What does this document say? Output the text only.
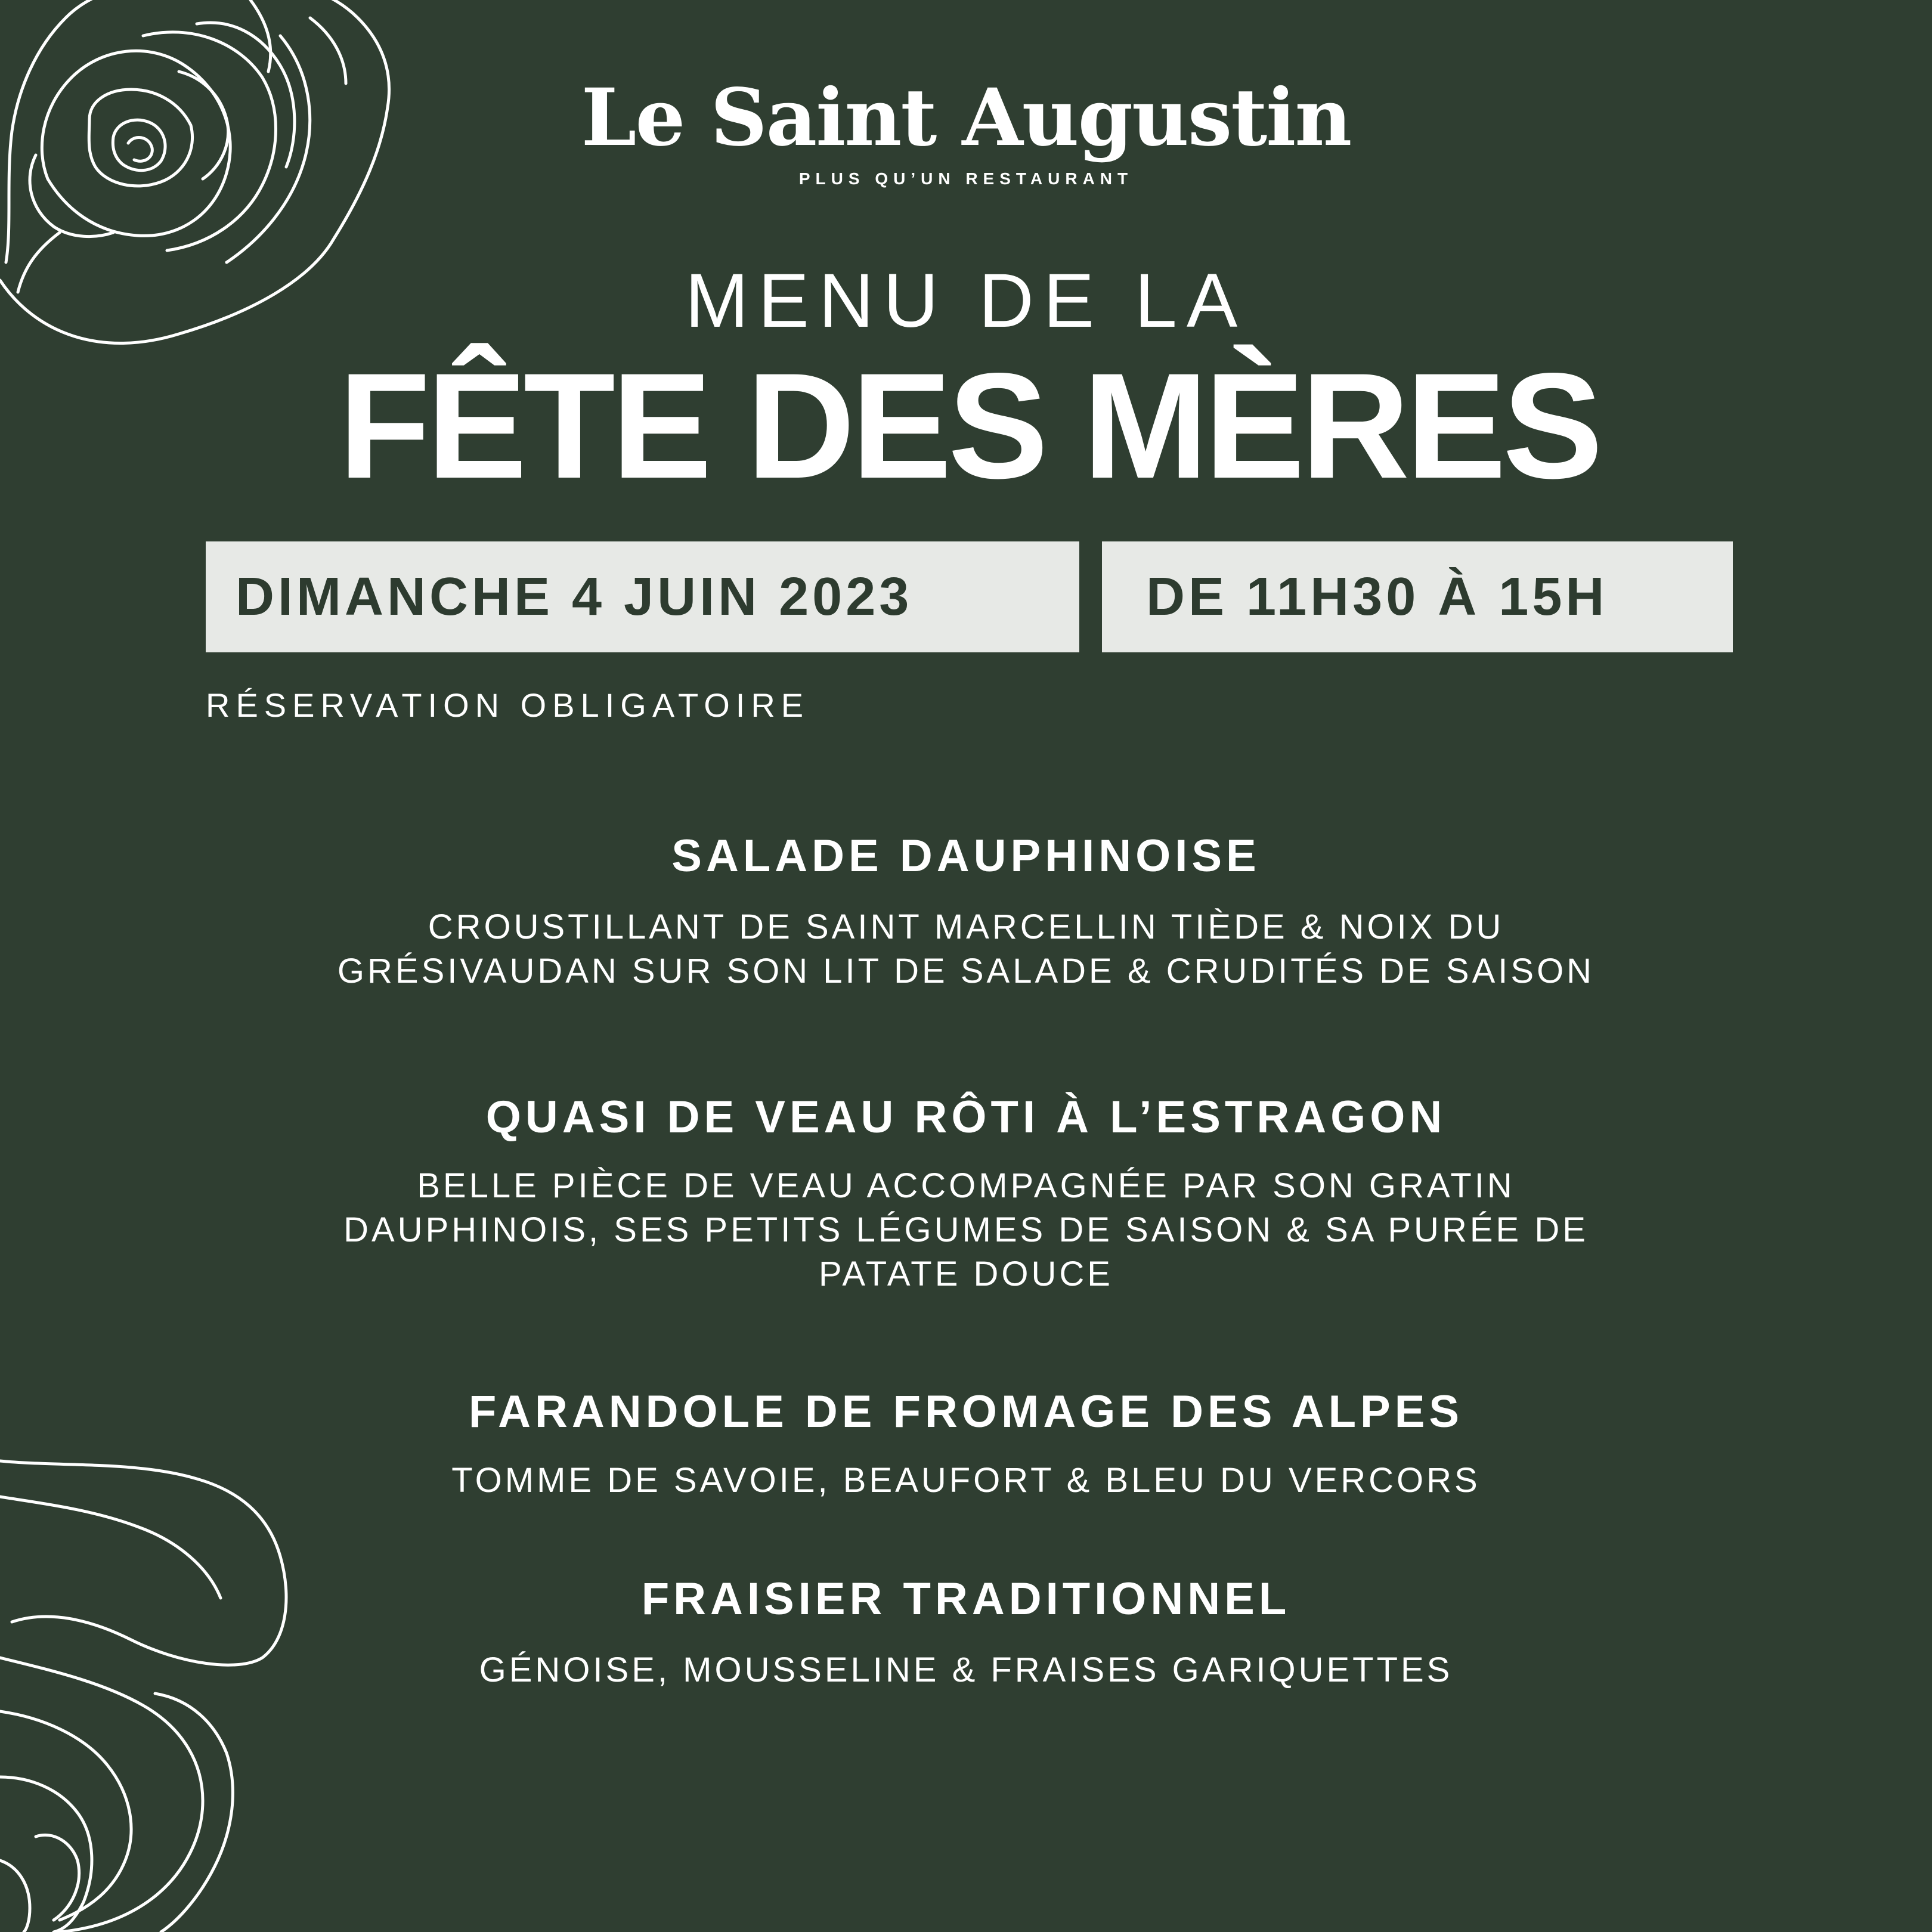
Le Saint Augustin
PLUS QU’UN RESTAURANT
MENU DE LA
FÊTE DES MÈRES
DIMANCHE 4 JUIN 2023	DE 11H30 À 15H
RÉSERVATION OBLIGATOIRE

SALADE DAUPHINOISE

CROUSTILLANT DE SAINT MARCELLIN TIÈDE & NOIX DU
GRÉSIVAUDAN SUR SON LIT DE SALADE & CRUDITÉS DE SAISON

QUASI DE VEAU RÔTI À L’ESTRAGON

BELLE PIÈCE DE VEAU ACCOMPAGNÉE PAR SON GRATIN
DAUPHINOIS, SES PETITS LÉGUMES DE SAISON & SA PURÉE DE
PATATE DOUCE

FARANDOLE DE FROMAGE DES ALPES

TOMME DE SAVOIE, BEAUFORT & BLEU DU VERCORS

FRAISIER TRADITIONNEL

GÉNOISE, MOUSSELINE & FRAISES GARIQUETTES
